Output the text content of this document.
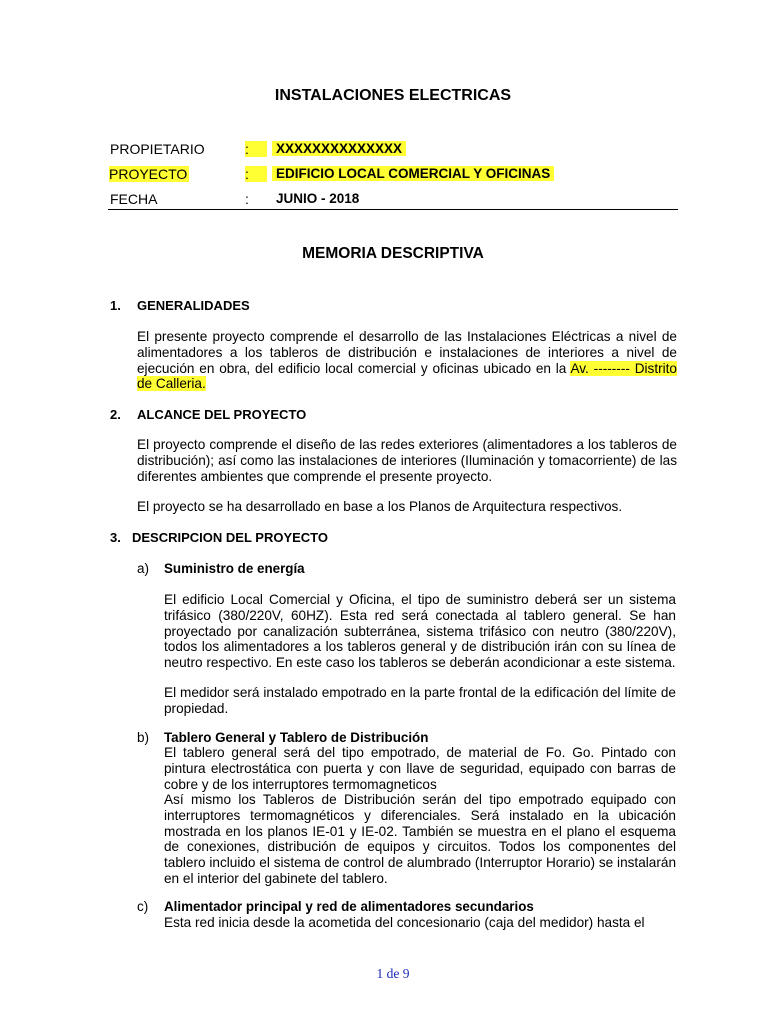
INSTALACIONES ELECTRICAS
PROPIETARIO	:	XXXXXXXXXXXXXX
PROYECTO	:	EDIFICIO LOCAL COMERCIAL Y OFICINAS
FECHA	: JUNIO - 2018
MEMORIA DESCRIPTIVA
1. GENERALIDADES
El presente proyecto comprende el desarrollo de las Instalaciones Eléctricas a nivel de alimentadores a los tableros de distribución e instalaciones de interiores a nivel de ejecución en obra, del edificio local comercial y oficinas ubicado en la Av. -------- Distrito de Calleria.
2. ALCANCE DEL PROYECTO
El proyecto comprende el diseño de las redes exteriores (alimentadores a los tableros de distribución); así como las instalaciones de interiores (Iluminación y tomacorriente) de las diferentes ambientes que comprende el presente proyecto.
El proyecto se ha desarrollado en base a los Planos de Arquitectura respectivos.
3. DESCRIPCION DEL PROYECTO
a) Suministro de energía
El edificio Local Comercial y Oficina, el tipo de suministro deberá ser un sistema trifásico (380/220V, 60HZ). Esta red será conectada al tablero general. Se han proyectado por canalización subterránea, sistema trifásico con neutro (380/220V), todos los alimentadores a los tableros general y de distribución irán con su línea de neutro respectivo. En este caso los tableros se deberán acondicionar a este sistema.
El medidor será instalado empotrado en la parte frontal de la edificación del límite de propiedad.
b) Tablero General y Tablero de Distribución
El tablero general será del tipo empotrado, de material de Fo. Go. Pintado con pintura electrostática con puerta y con llave de seguridad, equipado con barras de cobre y de los interruptores termomagneticos
Así mismo los Tableros de Distribución serán del tipo empotrado equipado con interruptores termomagnéticos y diferenciales. Será instalado en la ubicación mostrada en los planos IE-01 y IE-02. También se muestra en el plano el esquema de conexiones, distribución de equipos y circuitos. Todos los componentes del tablero incluido el sistema de control de alumbrado (Interruptor Horario) se instalarán en el interior del gabinete del tablero.
c) Alimentador principal y red de alimentadores secundarios
Esta red inicia desde la acometida del concesionario (caja del medidor) hasta el
1 de 9
